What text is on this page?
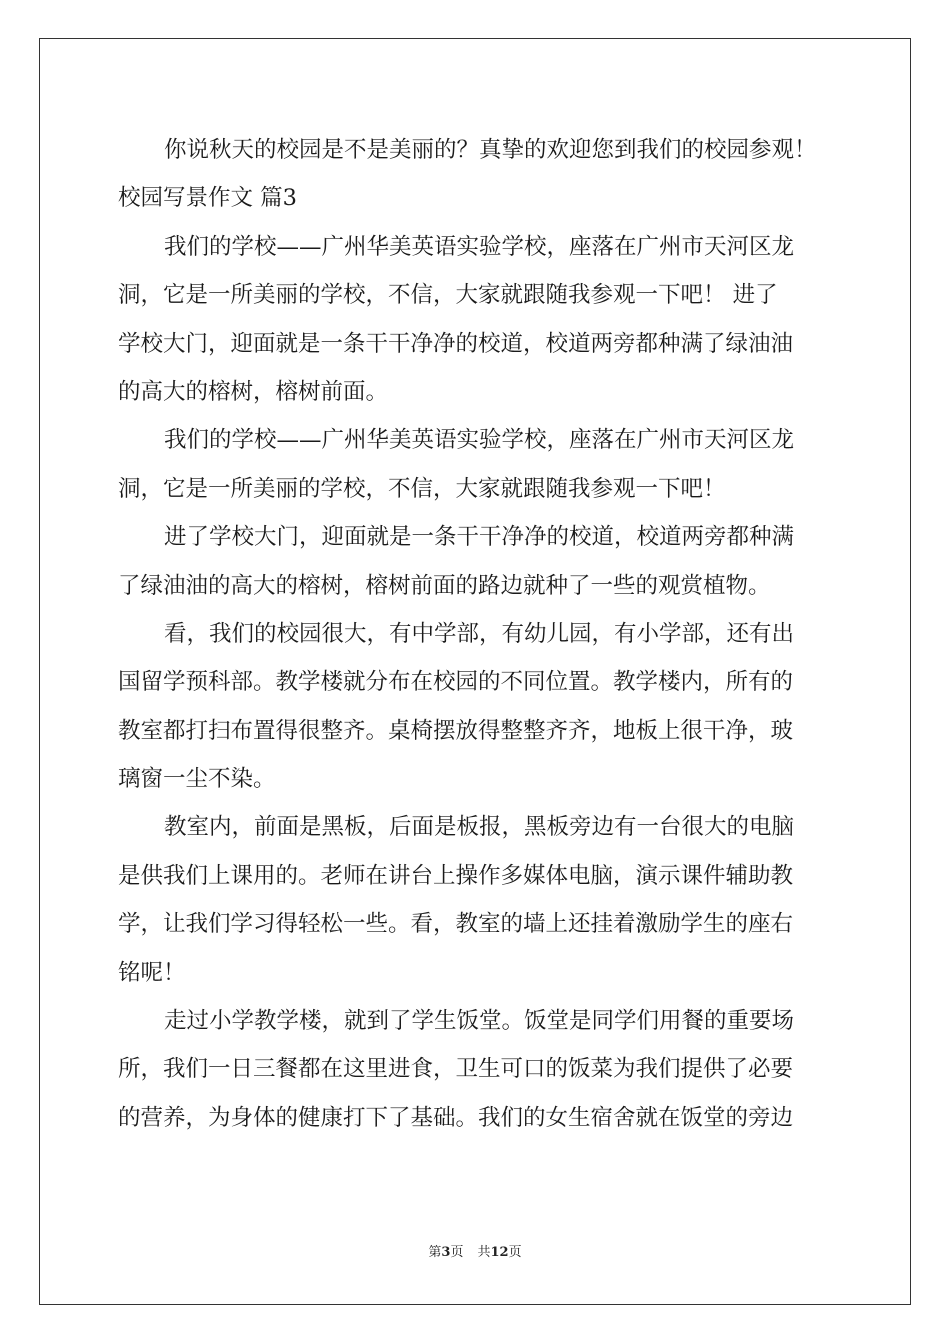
你说秋天的校园是不是美丽的？真挚的欢迎您到我们的校园参观！
校园写景作文 篇3
我们的学校——广州华美英语实验学校，座落在广州市天河区龙
洞，它是一所美丽的学校，不信，大家就跟随我参观一下吧！ 进了
学校大门，迎面就是一条干干净净的校道，校道两旁都种满了绿油油
的高大的榕树，榕树前面。
我们的学校——广州华美英语实验学校，座落在广州市天河区龙
洞，它是一所美丽的学校，不信，大家就跟随我参观一下吧！
进了学校大门，迎面就是一条干干净净的校道，校道两旁都种满
了绿油油的高大的榕树，榕树前面的路边就种了一些的观赏植物。
看，我们的校园很大，有中学部，有幼儿园，有小学部，还有出
国留学预科部。教学楼就分布在校园的不同位置。教学楼内，所有的
教室都打扫布置得很整齐。桌椅摆放得整整齐齐，地板上很干净，玻
璃窗一尘不染。
教室内，前面是黑板，后面是板报，黑板旁边有一台很大的电脑
是供我们上课用的。老师在讲台上操作多媒体电脑，演示课件辅助教
学，让我们学习得轻松一些。看，教室的墙上还挂着激励学生的座右
铭呢！
走过小学教学楼，就到了学生饭堂。饭堂是同学们用餐的重要场
所，我们一日三餐都在这里进食，卫生可口的饭菜为我们提供了必要
的营养，为身体的健康打下了基础。我们的女生宿舍就在饭堂的旁边
第3页 共12页
